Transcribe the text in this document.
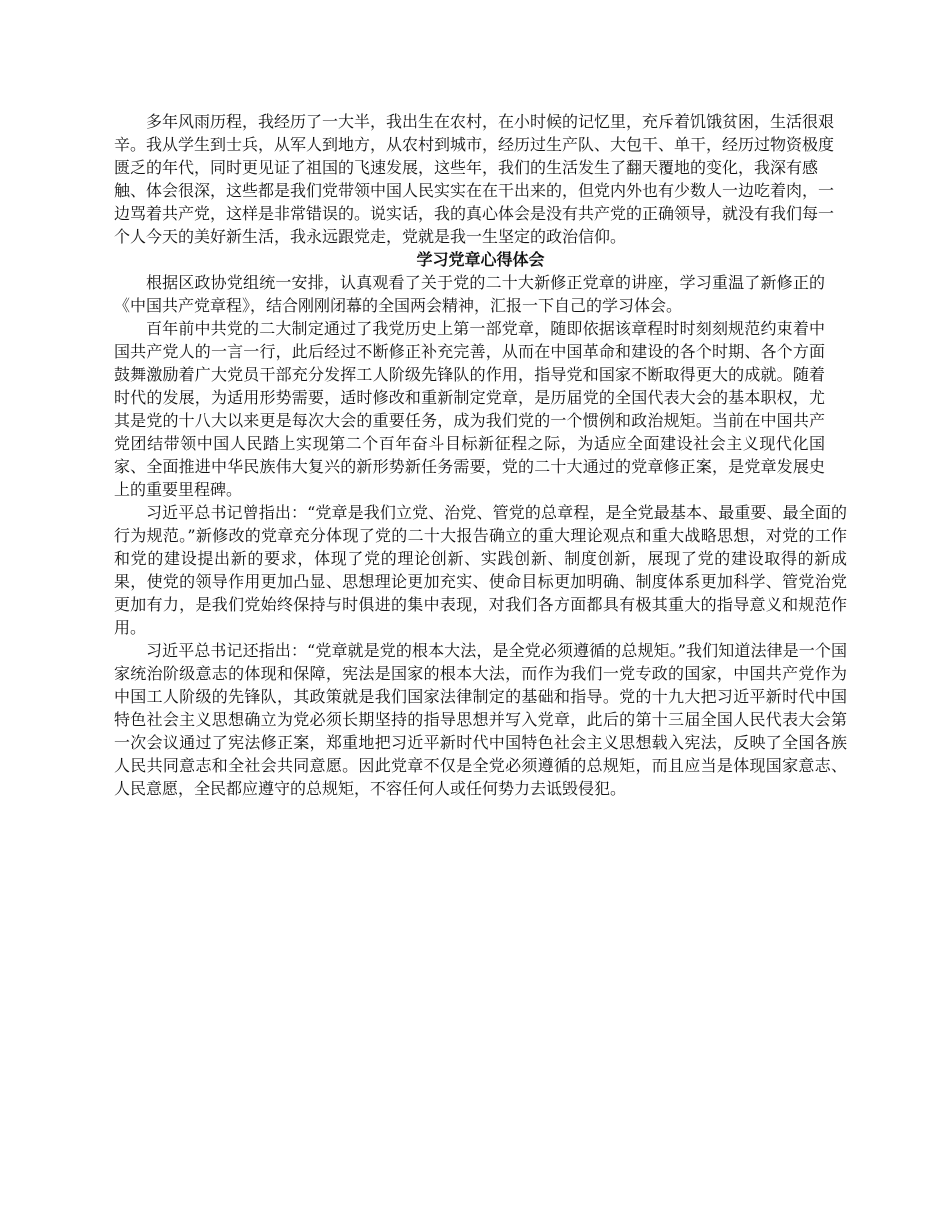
多年风雨历程，我经历了一大半，我出生在农村，在小时候的记忆里，充斥着饥饿贫困，生活很艰辛。我从学生到士兵，从军人到地方，从农村到城市，经历过生产队、大包干、单干，经历过物资极度匮乏的年代，同时更见证了祖国的飞速发展，这些年，我们的生活发生了翻天覆地的变化，我深有感触、体会很深，这些都是我们党带领中国人民实实在在干出来的，但党内外也有少数人一边吃着肉，一边骂着共产党，这样是非常错误的。说实话，我的真心体会是没有共产党的正确领导，就没有我们每一个人今天的美好新生活，我永远跟党走，党就是我一生坚定的政治信仰。

学习党章心得体会

根据区政协党组统一安排，认真观看了关于党的二十大新修正党章的讲座，学习重温了新修正的《中国共产党章程》，结合刚刚闭幕的全国两会精神，汇报一下自己的学习体会。

百年前中共党的二大制定通过了我党历史上第一部党章，随即依据该章程时时刻刻规范约束着中国共产党人的一言一行，此后经过不断修正补充完善，从而在中国革命和建设的各个时期、各个方面鼓舞激励着广大党员干部充分发挥工人阶级先锋队的作用，指导党和国家不断取得更大的成就。随着时代的发展，为适用形势需要，适时修改和重新制定党章，是历届党的全国代表大会的基本职权，尤其是党的十八大以来更是每次大会的重要任务，成为我们党的一个惯例和政治规矩。当前在中国共产党团结带领中国人民踏上实现第二个百年奋斗目标新征程之际，为适应全面建设社会主义现代化国家、全面推进中华民族伟大复兴的新形势新任务需要，党的二十大通过的党章修正案，是党章发展史上的重要里程碑。

习近平总书记曾指出：“党章是我们立党、治党、管党的总章程，是全党最基本、最重要、最全面的行为规范。”新修改的党章充分体现了党的二十大报告确立的重大理论观点和重大战略思想，对党的工作和党的建设提出新的要求，体现了党的理论创新、实践创新、制度创新，展现了党的建设取得的新成果，使党的领导作用更加凸显、思想理论更加充实、使命目标更加明确、制度体系更加科学、管党治党更加有力，是我们党始终保持与时俱进的集中表现，对我们各方面都具有极其重大的指导意义和规范作用。

习近平总书记还指出：“党章就是党的根本大法，是全党必须遵循的总规矩。”我们知道法律是一个国家统治阶级意志的体现和保障，宪法是国家的根本大法，而作为我们一党专政的国家，中国共产党作为中国工人阶级的先锋队，其政策就是我们国家法律制定的基础和指导。党的十九大把习近平新时代中国特色社会主义思想确立为党必须长期坚持的指导思想并写入党章，此后的第十三届全国人民代表大会第一次会议通过了宪法修正案，郑重地把习近平新时代中国特色社会主义思想载入宪法，反映了全国各族人民共同意志和全社会共同意愿。因此党章不仅是全党必须遵循的总规矩，而且应当是体现国家意志、人民意愿，全民都应遵守的总规矩，不容任何人或任何势力去诋毁侵犯。
